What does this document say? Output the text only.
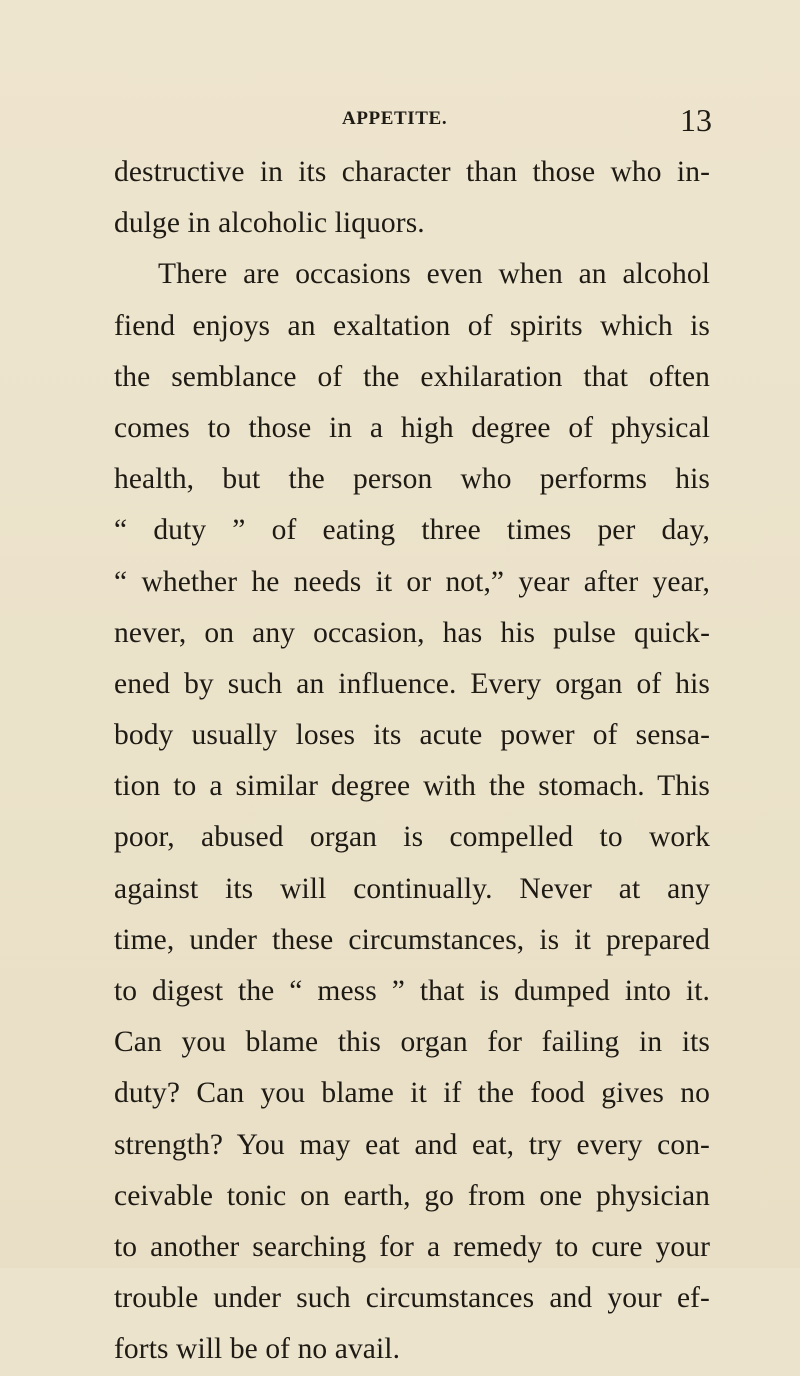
APPETITE.	13
destructive in its character than those who in-
dulge in alcoholic liquors.
There are occasions even when an alcohol
fiend enjoys an exaltation of spirits which is
the semblance of the exhilaration that often
comes to those in a high degree of physical
health, but the person who performs his
“ duty ” of eating three times per day,
“ whether he needs it or not,” year after year,
never, on any occasion, has his pulse quick-
ened by such an influence. Every organ of his
body usually loses its acute power of sensa-
tion to a similar degree with the stomach. This
poor, abused organ is compelled to work
against its will continually. Never at any
time, under these circumstances, is it prepared
to digest the “ mess ” that is dumped into it.
Can you blame this organ for failing in its
duty? Can you blame it if the food gives no
strength? You may eat and eat, try every con-
ceivable tonic on earth, go from one physician
to another searching for a remedy to cure your
trouble under such circumstances and your ef-
forts will be of no avail.
